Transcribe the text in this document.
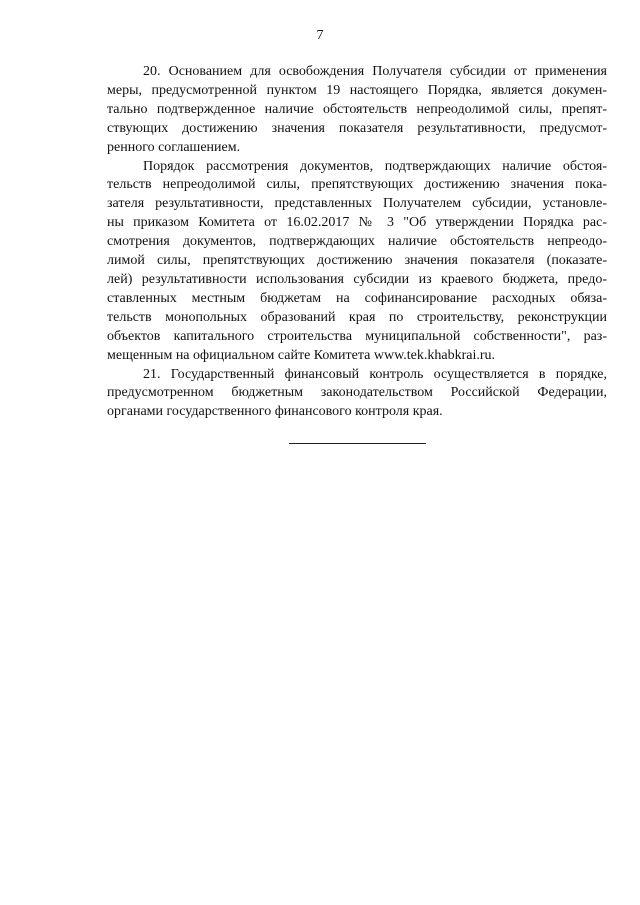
7

20. Основанием для освобождения Получателя субсидии от применения
меры, предусмотренной пунктом 19 настоящего Порядка, является докумен-
тально подтвержденное наличие обстоятельств непреодолимой силы, препят-
ствующих достижению значения показателя результативности, предусмот-
ренного соглашением.

Порядок рассмотрения документов, подтверждающих наличие обстоя-
тельств непреодолимой силы, препятствующих достижению значения пока-
зателя результативности, представленных Получателем субсидии, установле-
ны приказом Комитета от 16.02.2017 № 3 "Об утверждении Порядка рас-
смотрения документов, подтверждающих наличие обстоятельств непреодо-
лимой силы, препятствующих достижению значения показателя (показате-
лей) результативности использования субсидии из краевого бюджета, предо-
ставленных местным бюджетам на софинансирование расходных обяза-
тельств монопольных образований края по строительству, реконструкции
объектов капитального строительства муниципальной собственности", раз-
мещенным на официальном сайте Комитета www.tek.khabkrai.ru.

21. Государственный финансовый контроль осуществляется в порядке,
предусмотренном бюджетным законодательством Российской Федерации,
органами государственного финансового контроля края.
